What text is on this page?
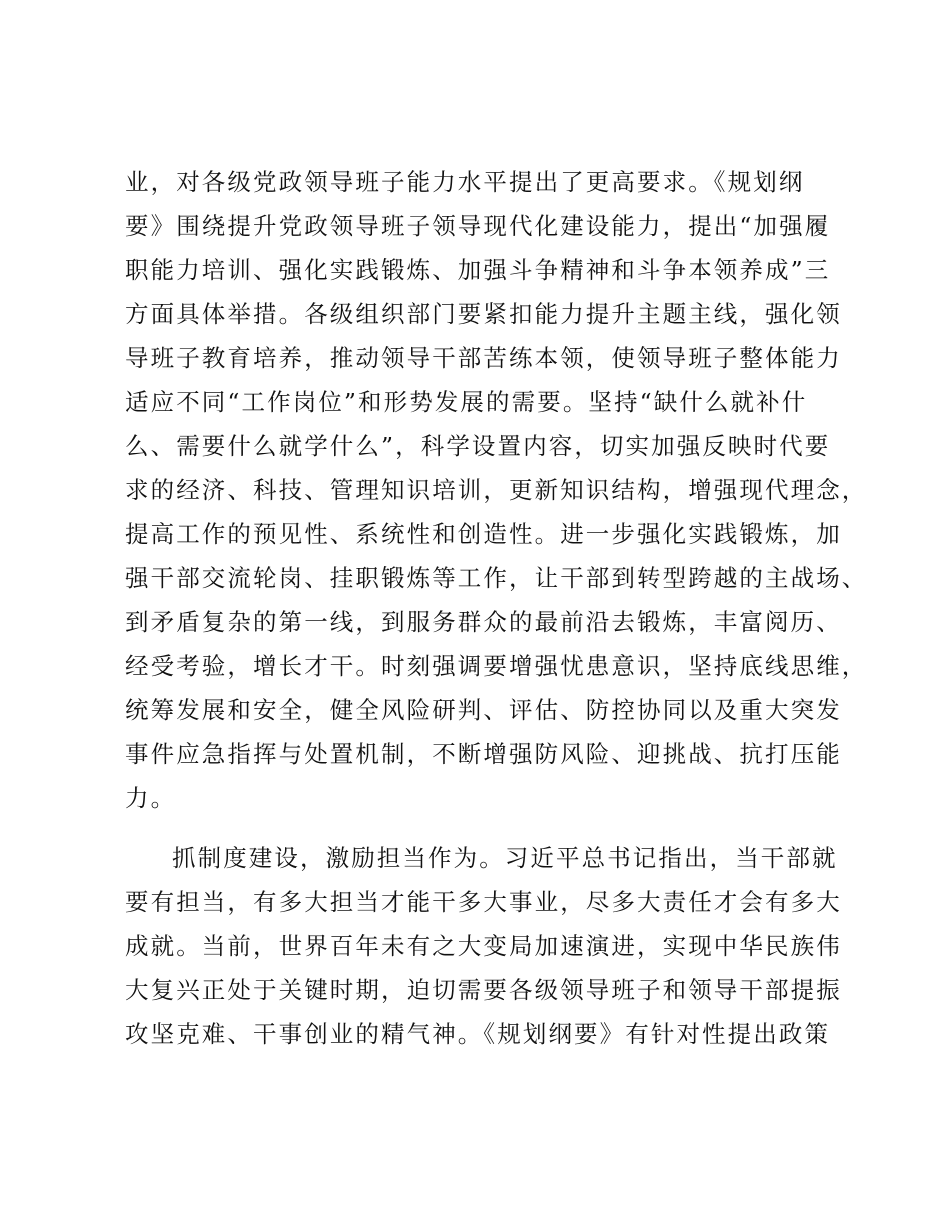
业，对各级党政领导班子能力水平提出了更高要求。《规划纲
要》围绕提升党政领导班子领导现代化建设能力，提出“加强履
职能力培训、强化实践锻炼、加强斗争精神和斗争本领养成”三
方面具体举措。各级组织部门要紧扣能力提升主题主线，强化领
导班子教育培养，推动领导干部苦练本领，使领导班子整体能力
适应不同“工作岗位”和形势发展的需要。坚持“缺什么就补什
么、需要什么就学什么”，科学设置内容，切实加强反映时代要
求的经济、科技、管理知识培训，更新知识结构，增强现代理念，
提高工作的预见性、系统性和创造性。进一步强化实践锻炼，加
强干部交流轮岗、挂职锻炼等工作，让干部到转型跨越的主战场、
到矛盾复杂的第一线，到服务群众的最前沿去锻炼，丰富阅历、
经受考验，增长才干。时刻强调要增强忧患意识，坚持底线思维，
统筹发展和安全，健全风险研判、评估、防控协同以及重大突发
事件应急指挥与处置机制，不断增强防风险、迎挑战、抗打压能
力。
抓制度建设，激励担当作为。习近平总书记指出，当干部就
要有担当，有多大担当才能干多大事业，尽多大责任才会有多大
成就。当前，世界百年未有之大变局加速演进，实现中华民族伟
大复兴正处于关键时期，迫切需要各级领导班子和领导干部提振
攻坚克难、干事创业的精气神。《规划纲要》有针对性提出政策
